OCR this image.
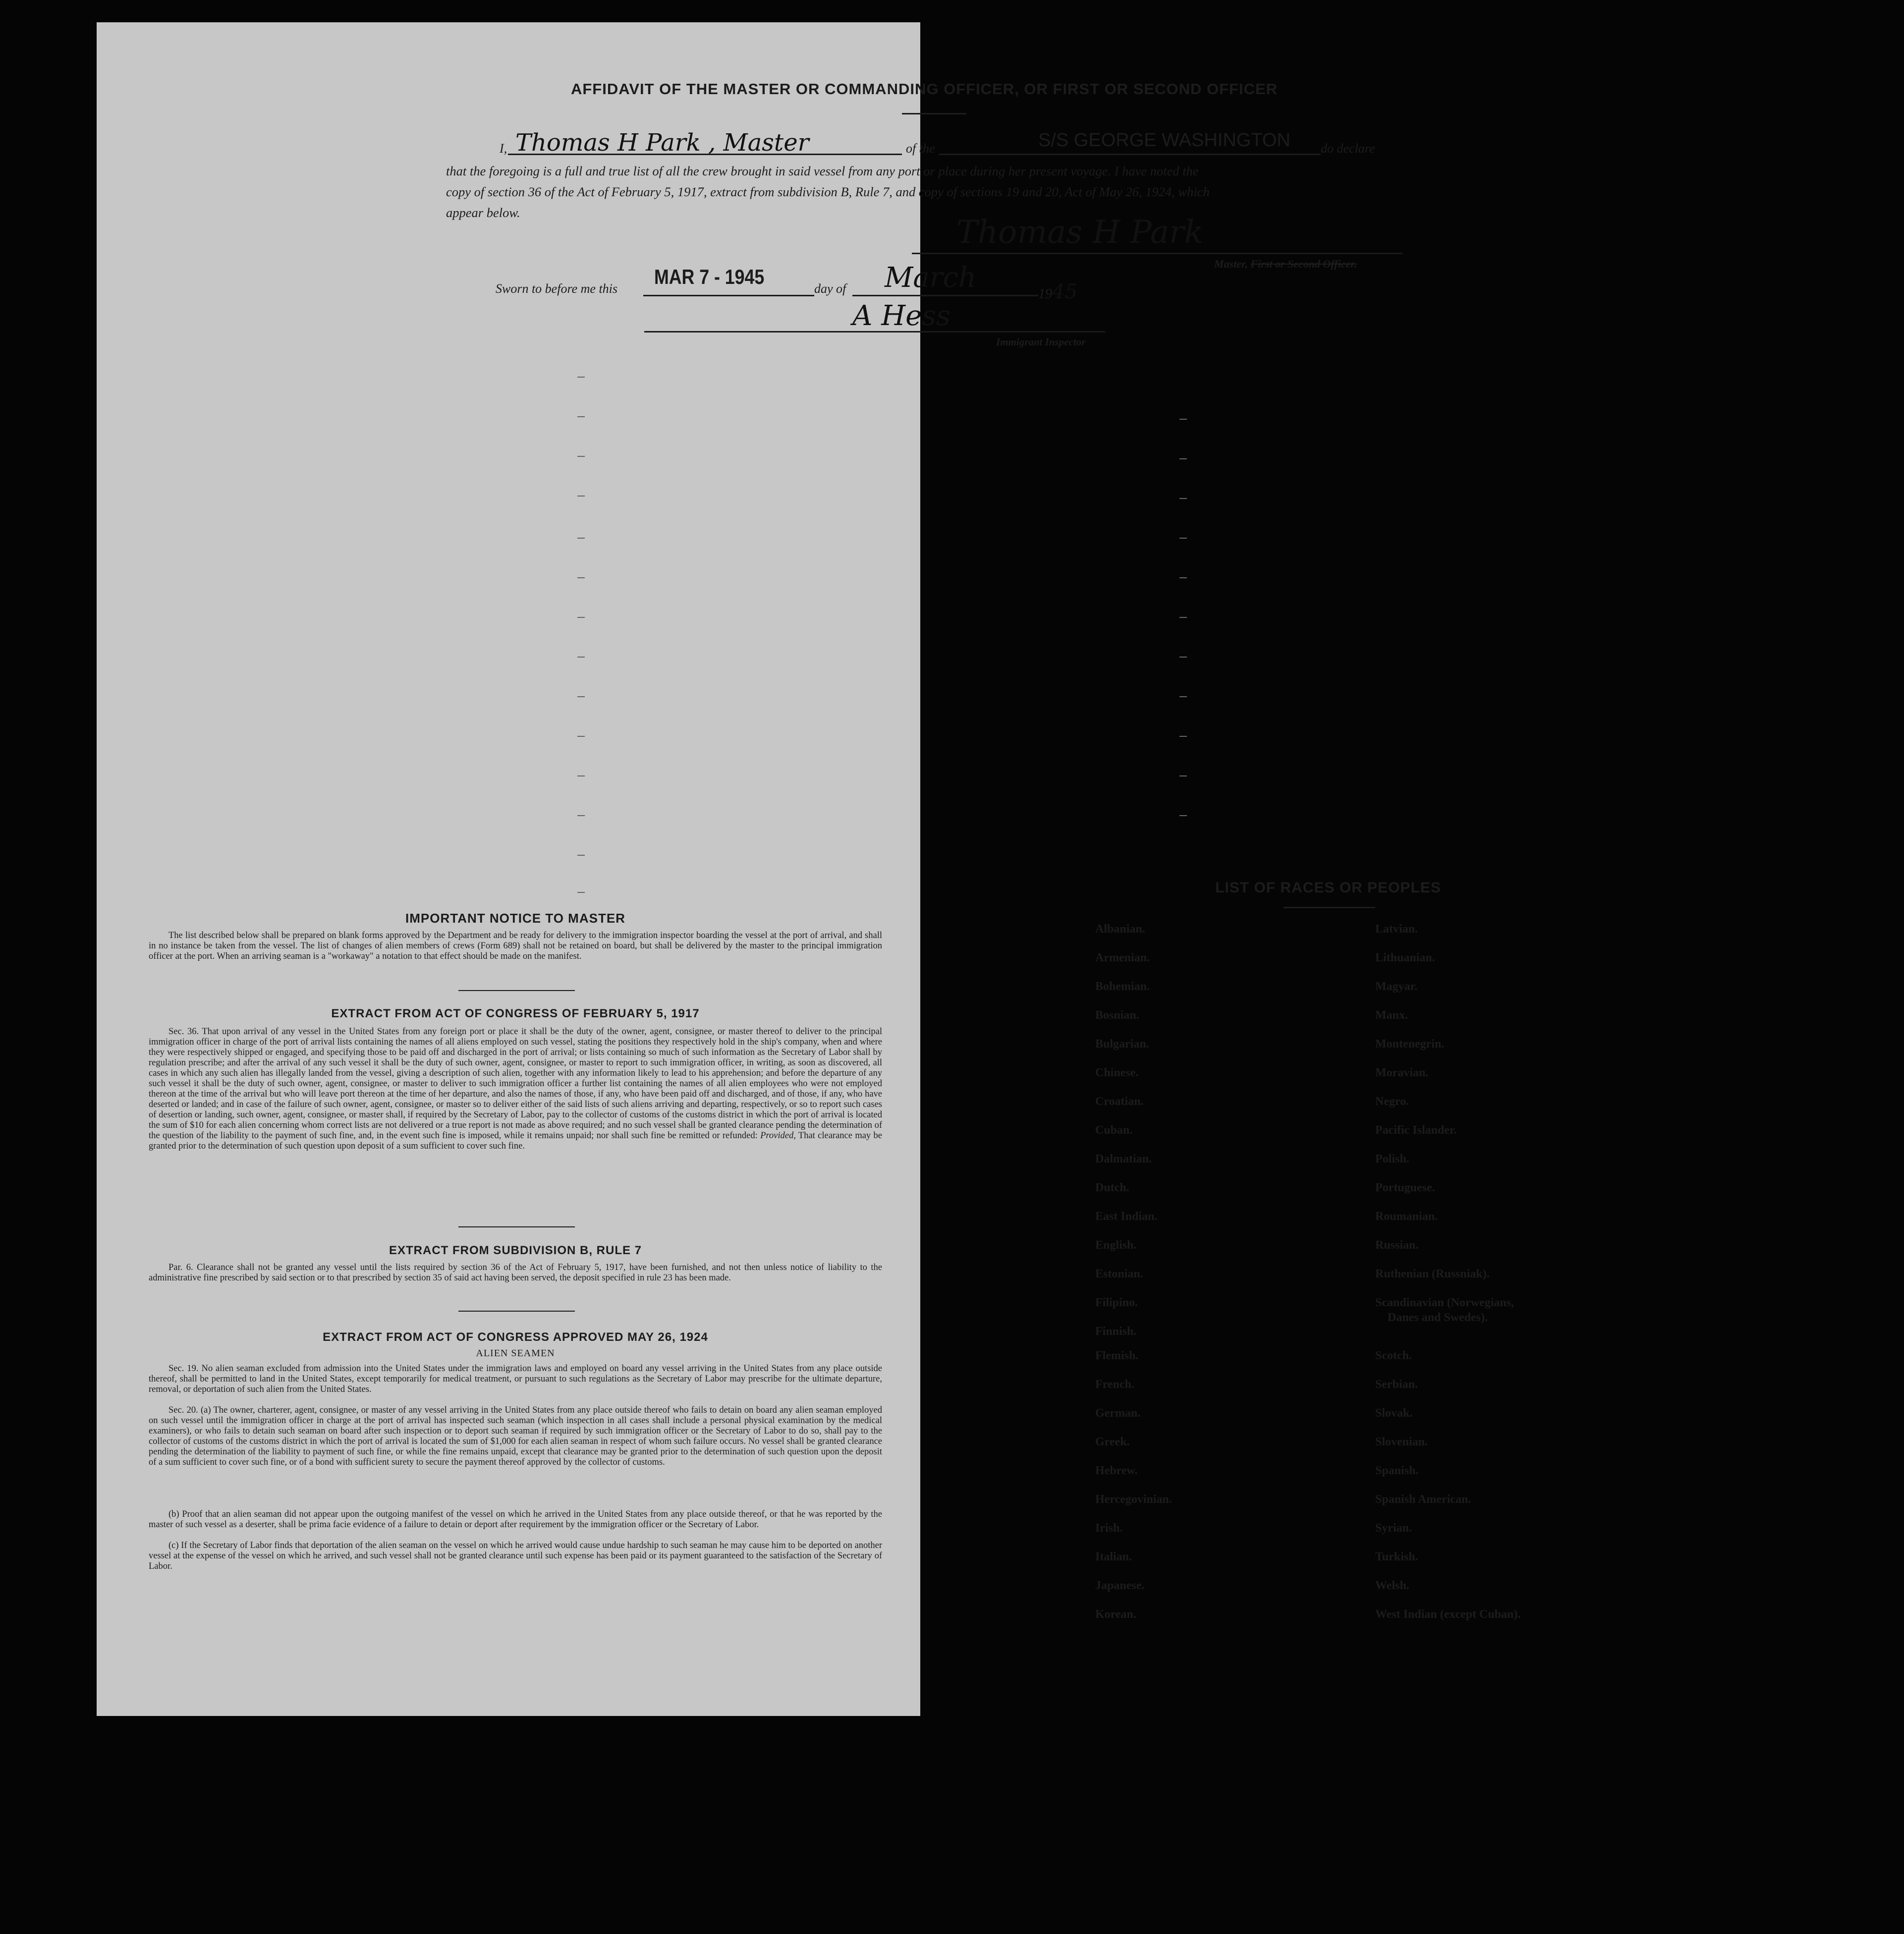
AFFIDAVIT OF THE MASTER OR COMMANDING OFFICER, OR FIRST OR SECOND OFFICER
I, Thomas H Park , Master	of the	S/S GEORGE WASHINGTON do declare
that the foregoing is a full and true list of all the crew brought in said vessel from any port or place during her present voyage. I have noted the
copy of section 36 of the Act of February 5, 1917, extract from subdivision B, Rule 7, and copy of sections 19 and 20, Act of May 26, 1924, which
appear below.
Thomas H Park
Master, First or Second Officer.
Sworn to before me this
MAR 7 - 1945
day of March
1945
A Hess
Immigrant Inspector
IMPORTANT NOTICE TO MASTER
The list described below shall be prepared on blank forms approved by the Department and be ready for delivery to the immigration inspector boarding the vessel at the port of arrival, and shall in no instance be taken from the vessel. The list of changes of alien members of crews (Form 689) shall not be retained on board, but shall be delivered by the master to the principal immigration officer at the port. When an arriving seaman is a "workaway" a notation to that effect should be made on the manifest.
EXTRACT FROM ACT OF CONGRESS OF FEBRUARY 5, 1917
Sec. 36. That upon arrival of any vessel in the United States from any foreign port or place it shall be the duty of the owner, agent, consignee, or master thereof to deliver to the principal immigration officer in charge of the port of arrival lists containing the names of all aliens employed on such vessel, stating the positions they respectively hold in the ship's company, when and where they were respectively shipped or engaged, and specifying those to be paid off and discharged in the port of arrival; or lists containing so much of such information as the Secretary of Labor shall by regulation prescribe; and after the arrival of any such vessel it shall be the duty of such owner, agent, consignee, or master to report to such immigration officer, in writing, as soon as discovered, all cases in which any such alien has illegally landed from the vessel, giving a description of such alien, together with any information likely to lead to his apprehension; and before the departure of any such vessel it shall be the duty of such owner, agent, consignee, or master to deliver to such immigration officer a further list containing the names of all alien employees who were not employed thereon at the time of the arrival but who will leave port thereon at the time of her departure, and also the names of those, if any, who have been paid off and discharged, and of those, if any, who have deserted or landed; and in case of the failure of such owner, agent, consignee, or master so to deliver either of the said lists of such aliens arriving and departing, respectively, or so to report such cases of desertion or landing, such owner, agent, consignee, or master shall, if required by the Secretary of Labor, pay to the collector of customs of the customs district in which the port of arrival is located the sum of $10 for each alien concerning whom correct lists are not delivered or a true report is not made as above required; and no such vessel shall be granted clearance pending the determination of the question of the liability to the payment of such fine, and, in the event such fine is imposed, while it remains unpaid; nor shall such fine be remitted or refunded: Provided, That clearance may be granted prior to the determination of such question upon deposit of a sum sufficient to cover such fine.
EXTRACT FROM SUBDIVISION B, RULE 7
Par. 6. Clearance shall not be granted any vessel until the lists required by section 36 of the Act of February 5, 1917, have been furnished, and not then unless notice of liability to the administrative fine prescribed by said section or to that prescribed by section 35 of said act having been served, the deposit specified in rule 23 has been made.
EXTRACT FROM ACT OF CONGRESS APPROVED MAY 26, 1924
ALIEN SEAMEN
Sec. 19. No alien seaman excluded from admission into the United States under the immigration laws and employed on board any vessel arriving in the United States from any place outside thereof, shall be permitted to land in the United States, except temporarily for medical treatment, or pursuant to such regulations as the Secretary of Labor may prescribe for the ultimate departure, removal, or deportation of such alien from the United States.
Sec. 20. (a) The owner, charterer, agent, consignee, or master of any vessel arriving in the United States from any place outside thereof who fails to detain on board any alien seaman employed on such vessel until the immigration officer in charge at the port of arrival has inspected such seaman (which inspection in all cases shall include a personal physical examination by the medical examiners), or who fails to detain such seaman on board after such inspection or to deport such seaman if required by such immigration officer or the Secretary of Labor to do so, shall pay to the collector of customs of the customs district in which the port of arrival is located the sum of $1,000 for each alien seaman in respect of whom such failure occurs. No vessel shall be granted clearance pending the determination of the liability to payment of such fine, or while the fine remains unpaid, except that clearance may be granted prior to the determination of such question upon the deposit of a sum sufficient to cover such fine, or of a bond with sufficient surety to secure the payment thereof approved by the collector of customs.
(b) Proof that an alien seaman did not appear upon the outgoing manifest of the vessel on which he arrived in the United States from any place outside thereof, or that he was reported by the master of such vessel as a deserter, shall be prima facie evidence of a failure to detain or deport after requirement by the immigration officer or the Secretary of Labor.
(c) If the Secretary of Labor finds that deportation of the alien seaman on the vessel on which he arrived would cause undue hardship to such seaman he may cause him to be deported on another vessel at the expense of the vessel on which he arrived, and such vessel shall not be granted clearance until such expense has been paid or its payment guaranteed to the satisfaction of the Secretary of Labor.
LIST OF RACES OR PEOPLES
Albanian.
Armenian.
Bohemian.
Bosnian.
Bulgarian.
Chinese.
Croatian.
Cuban.
Dalmatian.
Dutch.
East Indian.
English.
Estonian.
Filipino.
Finnish.
Flemish.
French.
German.
Greek.
Hebrew.
Hercegovinian.
Irish.
Italian.
Japanese.
Korean.
Latvian.
Lithuanian.
Magyar.
Manx.
Montenegrin.
Moravian.
Negro.
Pacific Islander.
Polish.
Portuguese.
Roumanian.
Russian.
Ruthenian (Russniak).
Scandinavian (Norwegians,
Danes and Swedes).
Scotch.
Serbian.
Slovak.
Slovenian.
Spanish.
Spanish American.
Syrian.
Turkish.
Welsh.
West Indian (except Cuban).
